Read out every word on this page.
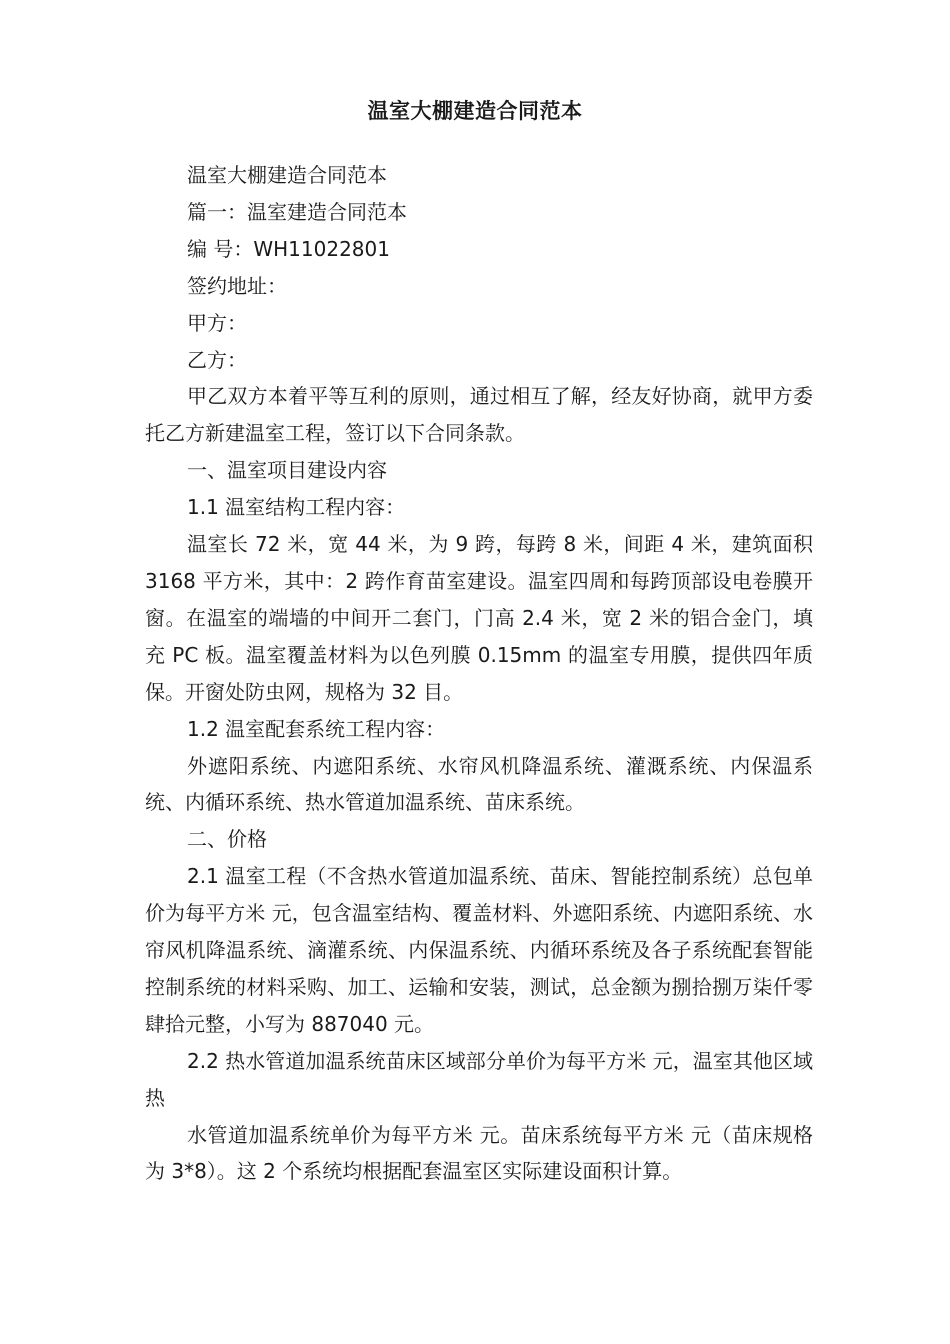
温室大棚建造合同范本

温室大棚建造合同范本

篇一：温室建造合同范本

编 号：WH11022801

签约地址：

甲方：

乙方：

甲乙双方本着平等互利的原则，通过相互了解，经友好协商，就甲方委托乙方新建温室工程，签订以下合同条款。

一、温室项目建设内容

1.1 温室结构工程内容：

温室长 72 米，宽 44 米，为 9 跨，每跨 8 米，间距 4 米，建筑面积 3168 平方米，其中：2 跨作育苗室建设。温室四周和每跨顶部设电卷膜开窗。在温室的端墙的中间开二套门，门高 2.4 米，宽 2 米的铝合金门，填充 PC 板。温室覆盖材料为以色列膜 0.15mm 的温室专用膜，提供四年质保。开窗处防虫网，规格为 32 目。

1.2 温室配套系统工程内容：

外遮阳系统、内遮阳系统、水帘风机降温系统、灌溉系统、内保温系统、内循环系统、热水管道加温系统、苗床系统。

二、价格

2.1 温室工程（不含热水管道加温系统、苗床、智能控制系统）总包单价为每平方米 元，包含温室结构、覆盖材料、外遮阳系统、内遮阳系统、水帘风机降温系统、滴灌系统、内保温系统、内循环系统及各子系统配套智能控制系统的材料采购、加工、运输和安装，测试，总金额为捌拾捌万柒仟零肆拾元整，小写为 887040 元。

2.2 热水管道加温系统苗床区域部分单价为每平方米 元，温室其他区域热

水管道加温系统单价为每平方米 元。苗床系统每平方米 元（苗床规格为 3*8）。这 2 个系统均根据配套温室区实际建设面积计算。
